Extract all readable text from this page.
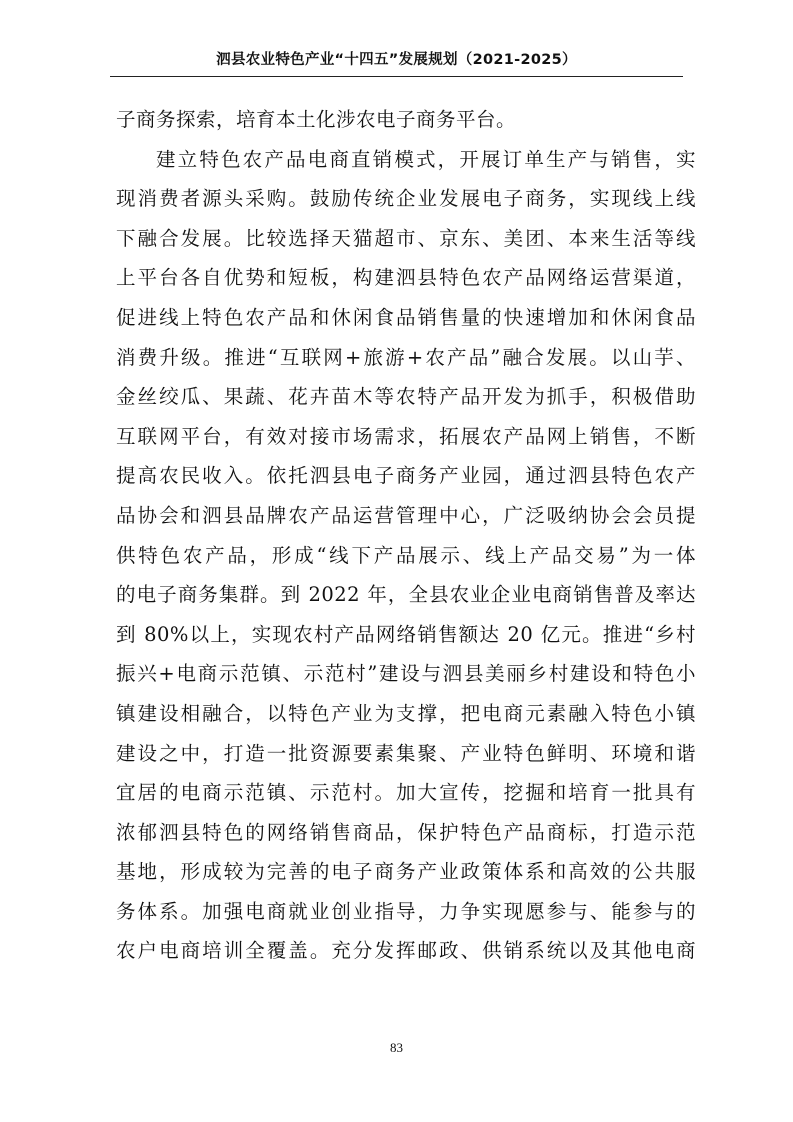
泗县农业特色产业“十四五”发展规划（2021-2025）
子商务探索，培育本土化涉农电子商务平台。
建立特色农产品电商直销模式，开展订单生产与销售，实
现消费者源头采购。鼓励传统企业发展电子商务，实现线上线
下融合发展。比较选择天猫超市、京东、美团、本来生活等线
上平台各自优势和短板，构建泗县特色农产品网络运营渠道，
促进线上特色农产品和休闲食品销售量的快速增加和休闲食品
消费升级。推进“互联网+旅游+农产品”融合发展。以山芋、
金丝绞瓜、果蔬、花卉苗木等农特产品开发为抓手，积极借助
互联网平台，有效对接市场需求，拓展农产品网上销售，不断
提高农民收入。依托泗县电子商务产业园，通过泗县特色农产
品协会和泗县品牌农产品运营管理中心，广泛吸纳协会会员提
供特色农产品，形成“线下产品展示、线上产品交易”为一体
的电子商务集群。到 2022 年，全县农业企业电商销售普及率达
到 80%以上，实现农村产品网络销售额达 20 亿元。推进“乡村
振兴+电商示范镇、示范村”建设与泗县美丽乡村建设和特色小
镇建设相融合，以特色产业为支撑，把电商元素融入特色小镇
建设之中，打造一批资源要素集聚、产业特色鲜明、环境和谐
宜居的电商示范镇、示范村。加大宣传，挖掘和培育一批具有
浓郁泗县特色的网络销售商品，保护特色产品商标，打造示范
基地，形成较为完善的电子商务产业政策体系和高效的公共服
务体系。加强电商就业创业指导，力争实现愿参与、能参与的
农户电商培训全覆盖。充分发挥邮政、供销系统以及其他电商
83
